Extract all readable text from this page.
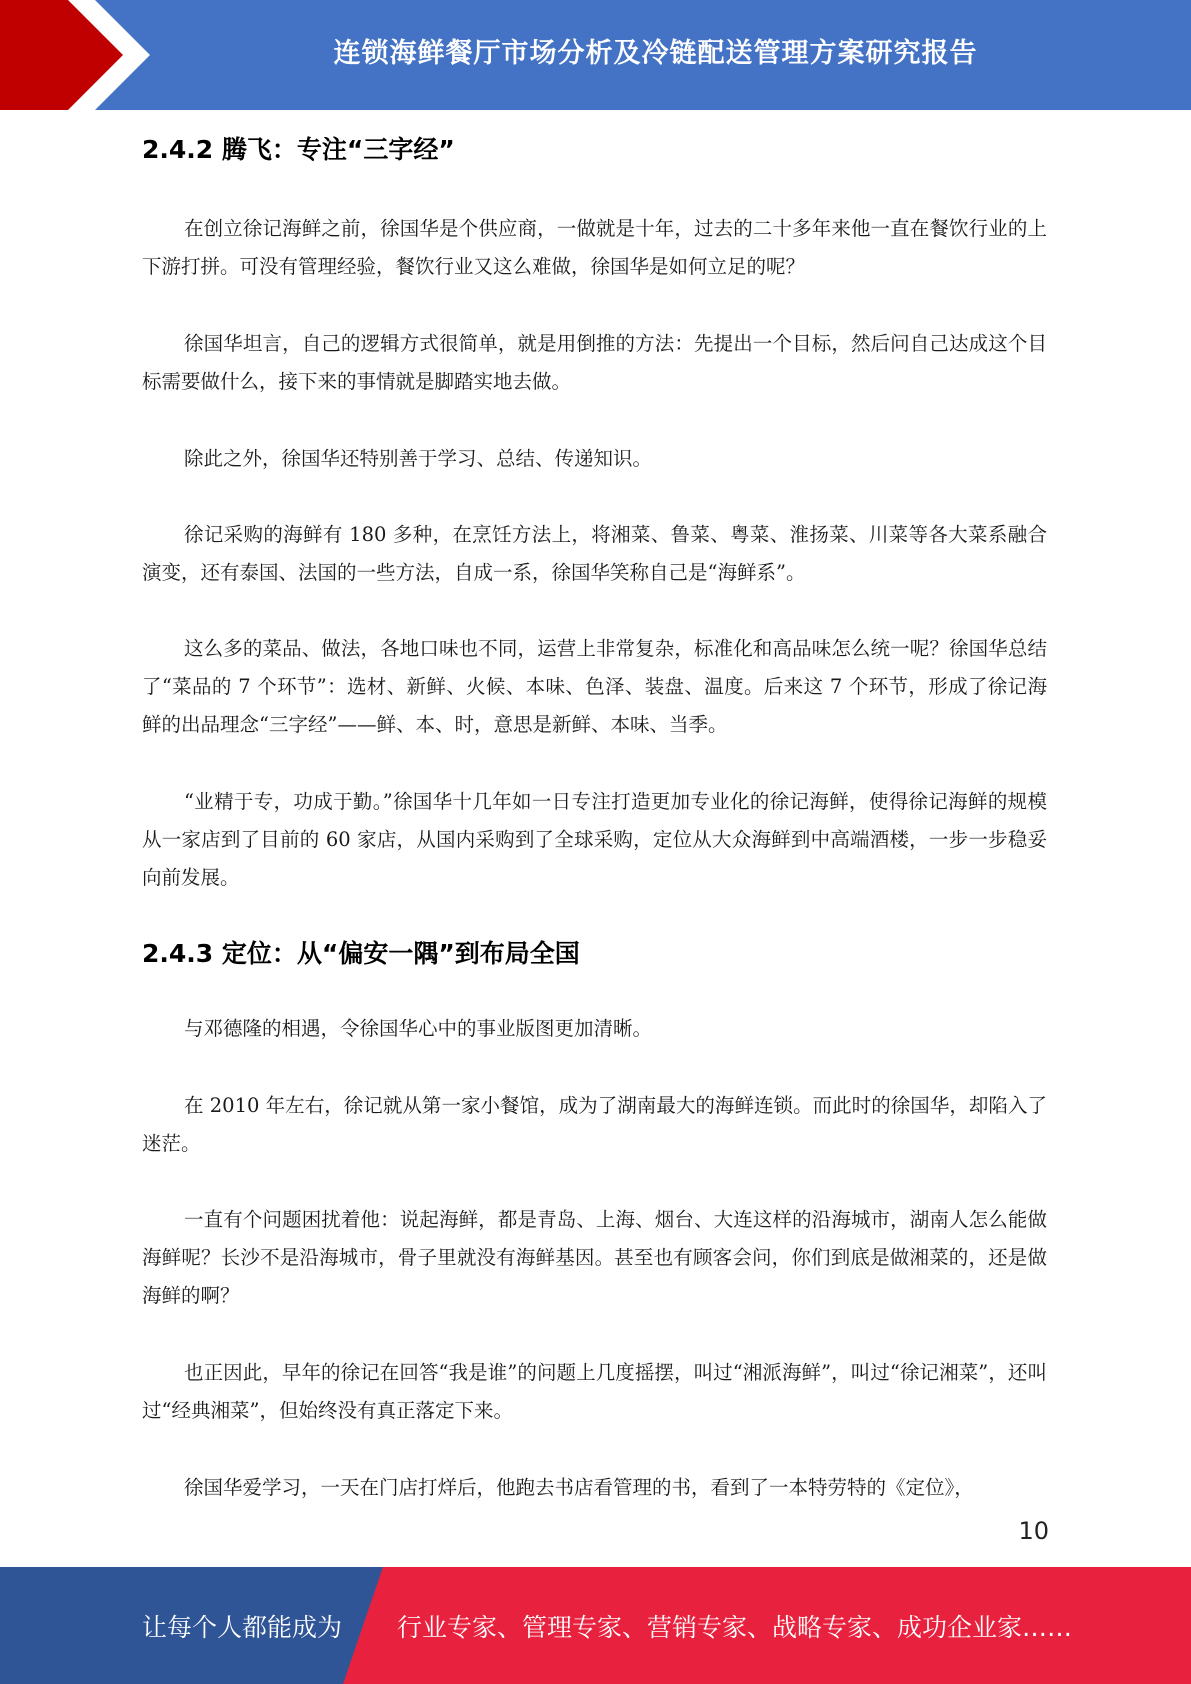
连锁海鲜餐厅市场分析及冷链配送管理方案研究报告
2.4.2 腾飞：专注“三字经”

在创立徐记海鲜之前，徐国华是个供应商，一做就是十年，过去的二十多年来他一直在餐饮行业的上下游打拼。可没有管理经验，餐饮行业又这么难做，徐国华是如何立足的呢？

徐国华坦言，自己的逻辑方式很简单，就是用倒推的方法：先提出一个目标，然后问自己达成这个目标需要做什么，接下来的事情就是脚踏实地去做。

除此之外，徐国华还特别善于学习、总结、传递知识。

徐记采购的海鲜有 180 多种，在烹饪方法上，将湘菜、鲁菜、粤菜、淮扬菜、川菜等各大菜系融合演变，还有泰国、法国的一些方法，自成一系，徐国华笑称自己是“海鲜系”。

这么多的菜品、做法，各地口味也不同，运营上非常复杂，标准化和高品味怎么统一呢？徐国华总结了“菜品的 7 个环节”：选材、新鲜、火候、本味、色泽、装盘、温度。后来这 7 个环节，形成了徐记海鲜的出品理念“三字经”——鲜、本、时，意思是新鲜、本味、当季。

“业精于专，功成于勤。”徐国华十几年如一日专注打造更加专业化的徐记海鲜，使得徐记海鲜的规模从一家店到了目前的 60 家店，从国内采购到了全球采购，定位从大众海鲜到中高端酒楼，一步一步稳妥向前发展。

2.4.3 定位：从“偏安一隅”到布局全国

与邓德隆的相遇，令徐国华心中的事业版图更加清晰。

在 2010 年左右，徐记就从第一家小餐馆，成为了湖南最大的海鲜连锁。而此时的徐国华，却陷入了迷茫。

一直有个问题困扰着他：说起海鲜，都是青岛、上海、烟台、大连这样的沿海城市，湖南人怎么能做海鲜呢？长沙不是沿海城市，骨子里就没有海鲜基因。甚至也有顾客会问，你们到底是做湘菜的，还是做海鲜的啊？

也正因此，早年的徐记在回答“我是谁”的问题上几度摇摆，叫过“湘派海鲜”，叫过“徐记湘菜”，还叫过“经典湘菜”，但始终没有真正落定下来。

徐国华爱学习，一天在门店打烊后，他跑去书店看管理的书，看到了一本特劳特的《定位》，

10
让每个人都能成为 行业专家、管理专家、营销专家、战略专家、成功企业家……
